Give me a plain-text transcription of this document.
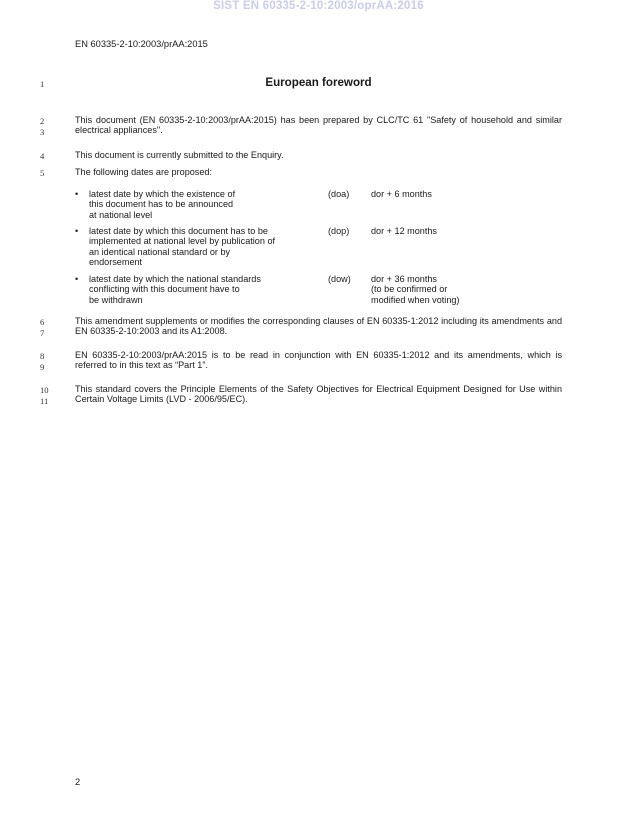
SIST EN 60335-2-10:2003/oprAA:2016
EN 60335-2-10:2003/prAA:2015
1
2
3
4
5
6
7
8
9
10
11
European foreword
This document (EN 60335-2-10:2003/prAA:2015) has been prepared by CLC/TC 61 "Safety of household and similar electrical appliances".
This document is currently submitted to the Enquiry.
The following dates are proposed:
• latest date by which the existence of
this document has to be announced
at national level
(doa) dor + 6 months
• latest date by which this document has to be
implemented at national level by publication of
an identical national standard or by
endorsement
(dop) dor + 12 months
• latest date by which the national standards
conflicting with this document have to
be withdrawn
(dow) dor + 36 months
(to be confirmed or
modified when voting)
This amendment supplements or modifies the corresponding clauses of EN 60335-1:2012 including its amendments and EN 60335-2-10:2003 and its A1:2008.
EN 60335-2-10:2003/prAA:2015 is to be read in conjunction with EN 60335-1:2012 and its amendments, which is referred to in this text as “Part 1”.
This standard covers the Principle Elements of the Safety Objectives for Electrical Equipment Designed for Use within Certain Voltage Limits (LVD - 2006/95/EC).
2
